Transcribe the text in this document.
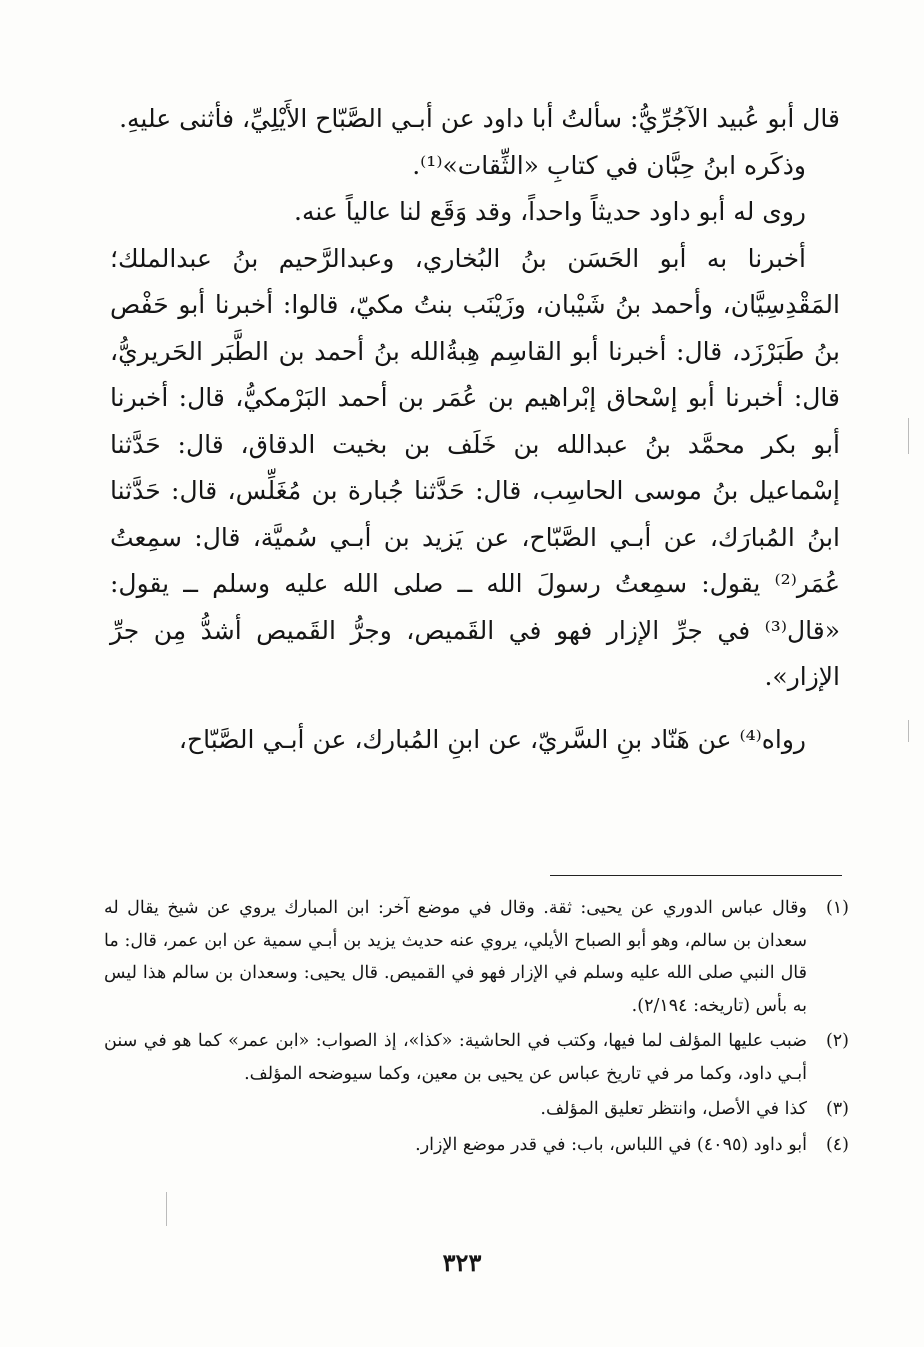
قال أبو عُبيد الآجُرِّيُّ: سألتُ أبا داود عن أبـي الصَّبّاح الأَيْلِيِّ، فأثنى عليهِ.

وذكَره ابنُ حِبَّان في كتابِ «الثِّقات»⁽¹⁾.

روى له أبو داود حديثاً واحداً، وقد وَقَع لنا عالياً عنه.

أخبرنا به أبو الحَسَن بنُ البُخاري، وعبدالرَّحيم بنُ عبدالملك؛ المَقْدِسِيَّان، وأحمد بنُ شَيْبان، وزَيْنَب بنتُ مكيّ، قالوا: أخبرنا أبو حَفْص بنُ طَبَرْزَد، قال: أخبرنا أبو القاسِم هِبةُالله بنُ أحمد بن الطَّبَر الحَريريُّ، قال: أخبرنا أبو إسْحاق إبْراهيم بن عُمَر بن أحمد البَرْمكيُّ، قال: أخبرنا أبو بكر محمَّد بنُ عبدالله بن خَلَف بن بخيت الدقاق، قال: حَدَّثنا إسْماعيل بنُ موسى الحاسِب، قال: حَدَّثنا جُبارة بن مُغَلِّس، قال: حَدَّثنا ابنُ المُبارَك، عن أبـي الصَّبّاح، عن يَزيد بن أبـي سُميَّة، قال: سمِعتُ عُمَر⁽²⁾ يقول: سمِعتُ رسولَ الله ــ صلى الله عليه وسلم ــ يقول: «قال⁽³⁾ في جرِّ الإزار فهو في القَميص، وجرُّ القَميص أشدُّ مِن جرِّ الإزار».

رواه⁽⁴⁾ عن هَنّاد بنِ السَّريّ، عن ابنِ المُبارك، عن أبـي الصَّبّاح،

(١)
وقال عباس الدوري عن يحيى: ثقة. وقال في موضع آخر: ابن المبارك يروي عن شيخ يقال له سعدان بن سالم، وهو أبو الصباح الأيلي، يروي عنه حديث يزيد بن أبـي سمية عن ابن عمر، قال: ما قال النبي صلى الله عليه وسلم في الإزار فهو في القميص. قال يحيى: وسعدان بن سالم هذا ليس به بأس (تاريخه: ٢/١٩٤).
(٢)
ضبب عليها المؤلف لما فيها، وكتب في الحاشية: «كذا»، إذ الصواب: «ابن عمر» كما هو في سنن أبـي داود، وكما مر في تاريخ عباس عن يحيى بن معين، وكما سيوضحه المؤلف.
(٣)
كذا في الأصل، وانتظر تعليق المؤلف.
(٤)
أبو داود (٤٠٩٥) في اللباس، باب: في قدر موضع الإزار.
٣٢٣
